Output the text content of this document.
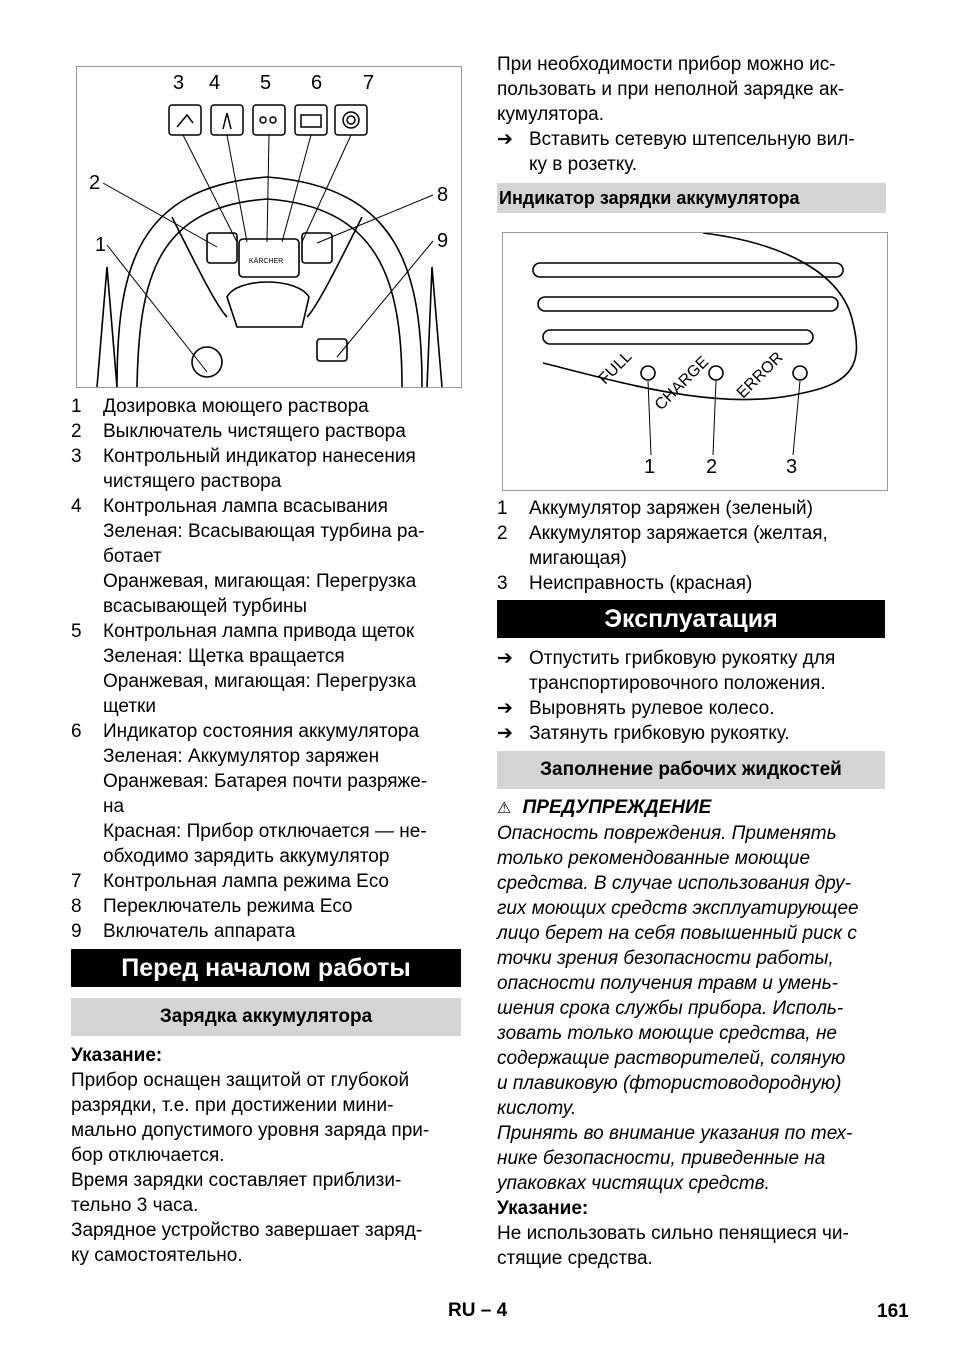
3 4 5 6 7
2
8
1	9
KÄRCHER
1 Дозировка моющего раствора
2 Выключатель чистящего раствора
3 Контрольный индикатор нанесения
чистящего раствора
4 Контрольная лампа всасывания
Зеленая: Всасывающая турбина ра-
ботает
Оранжевая, мигающая: Перегрузка
всасывающей турбины
5 Контрольная лампа привода щеток
Зеленая: Щетка вращается
Оранжевая, мигающая: Перегрузка
щетки
6 Индикатор состояния аккумулятора
Зеленая: Аккумулятор заряжен
Оранжевая: Батарея почти разряже-
на
Красная: Прибор отключается — не-
обходимо зарядить аккумулятор
7 Контрольная лампа режима Eco
8 Переключатель режима Eco
9 Включатель аппарата
Перед началом работы
Зарядка аккумулятора
Указание:
Прибор оснащен защитой от глубокой
разрядки, т.е. при достижении мини-
мально допустимого уровня заряда при-
бор отключается.
Время зарядки составляет приблизи-
тельно 3 часа.
Зарядное устройство завершает заряд-
ку самостоятельно.
При необходимости прибор можно ис-
пользовать и при неполной зарядке ак-
кумулятора.
➔ Вставить сетевую штепсельную вил-
ку в розетку.
Индикатор зарядки аккумулятора
FULL CHARGE ERROR
1	2	3
1 Аккумулятор заряжен (зеленый)
2 Аккумулятор заряжается (желтая,
мигающая)
3 Неисправность (красная)
Эксплуатация
➔ Отпустить грибковую рукоятку для
транспортировочного положения.
➔ Выровнять рулевое колесо.
➔ Затянуть грибковую рукоятку.
Заполнение рабочих жидкостей
⚠ ПРЕДУПРЕЖДЕНИЕ
Опасность повреждения. Применять
только рекомендованные моющие
средства. В случае использования дру-
гих моющих средств эксплуатирующее
лицо берет на себя повышенный риск с
точки зрения безопасности работы,
опасности получения травм и умень-
шения срока службы прибора. Исполь-
зовать только моющие средства, не
содержащие растворителей, соляную
и плавиковую (фтористоводородную)
кислоту.
Принять во внимание указания по тех-
нике безопасности, приведенные на
упаковках чистящих средств.
Указание:
Не использовать сильно пенящиеся чи-
стящие средства.
RU – 4	161
